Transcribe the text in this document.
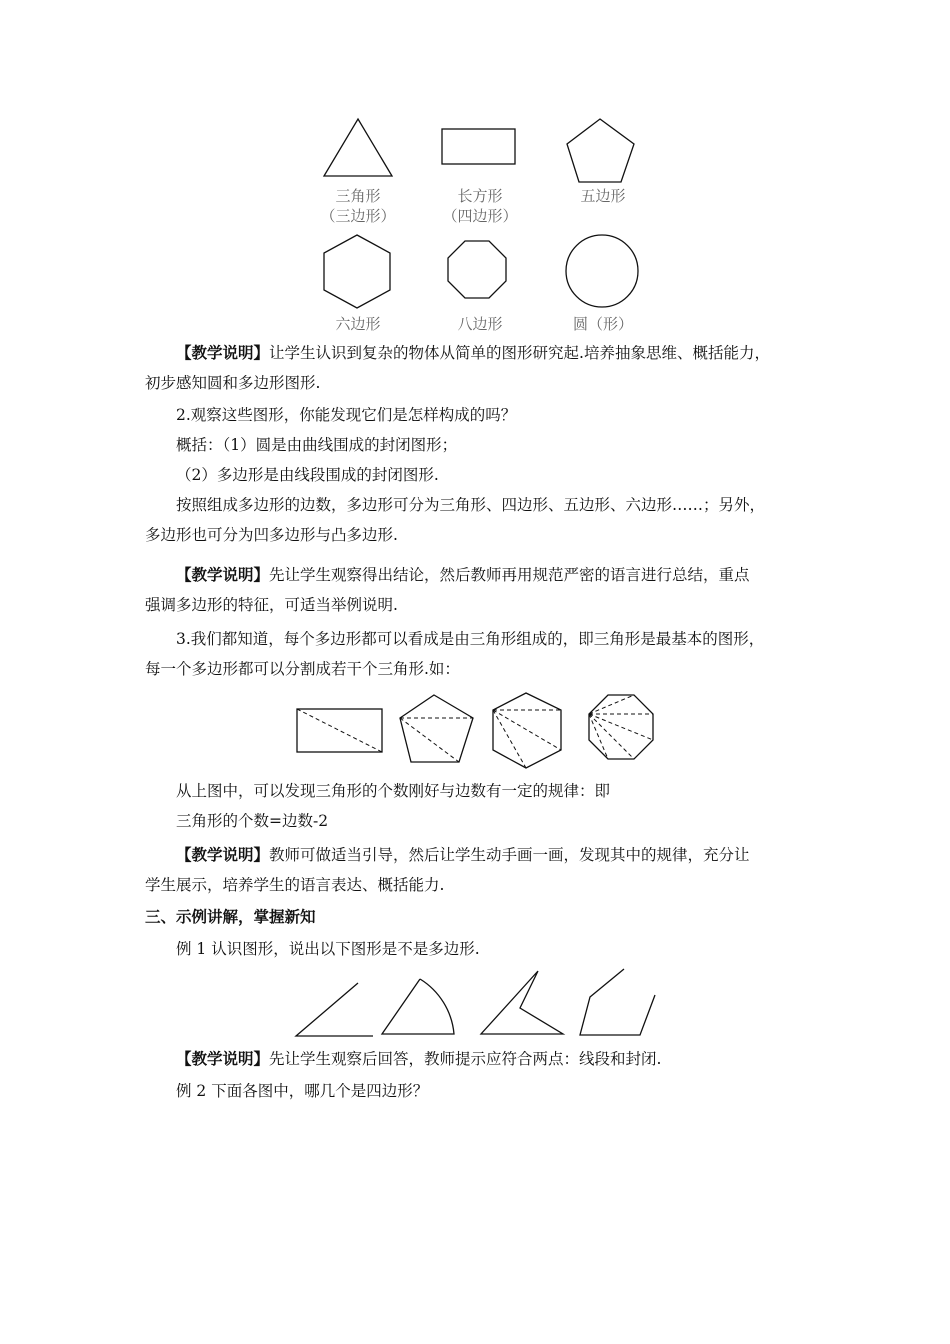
三角形
（三边形）
长方形
（四边形）
五边形
六边形	八边形	圆（形）
【教学说明】让学生认识到复杂的物体从简单的图形研究起.培养抽象思维、概括能力，
初步感知圆和多边形图形.
2.观察这些图形，你能发现它们是怎样构成的吗？
概括：（1）圆是由曲线围成的封闭图形；
（2）多边形是由线段围成的封闭图形.
按照组成多边形的边数，多边形可分为三角形、四边形、五边形、六边形……；另外，
多边形也可分为凹多边形与凸多边形.
【教学说明】先让学生观察得出结论，然后教师再用规范严密的语言进行总结，重点
强调多边形的特征，可适当举例说明.
3.我们都知道，每个多边形都可以看成是由三角形组成的，即三角形是最基本的图形，
每一个多边形都可以分割成若干个三角形.如：
从上图中，可以发现三角形的个数刚好与边数有一定的规律：即
三角形的个数=边数-2
【教学说明】教师可做适当引导，然后让学生动手画一画，发现其中的规律，充分让
学生展示，培养学生的语言表达、概括能力.
三、示例讲解，掌握新知
例 1 认识图形，说出以下图形是不是多边形.
【教学说明】先让学生观察后回答，教师提示应符合两点：线段和封闭.
例 2 下面各图中，哪几个是四边形？
